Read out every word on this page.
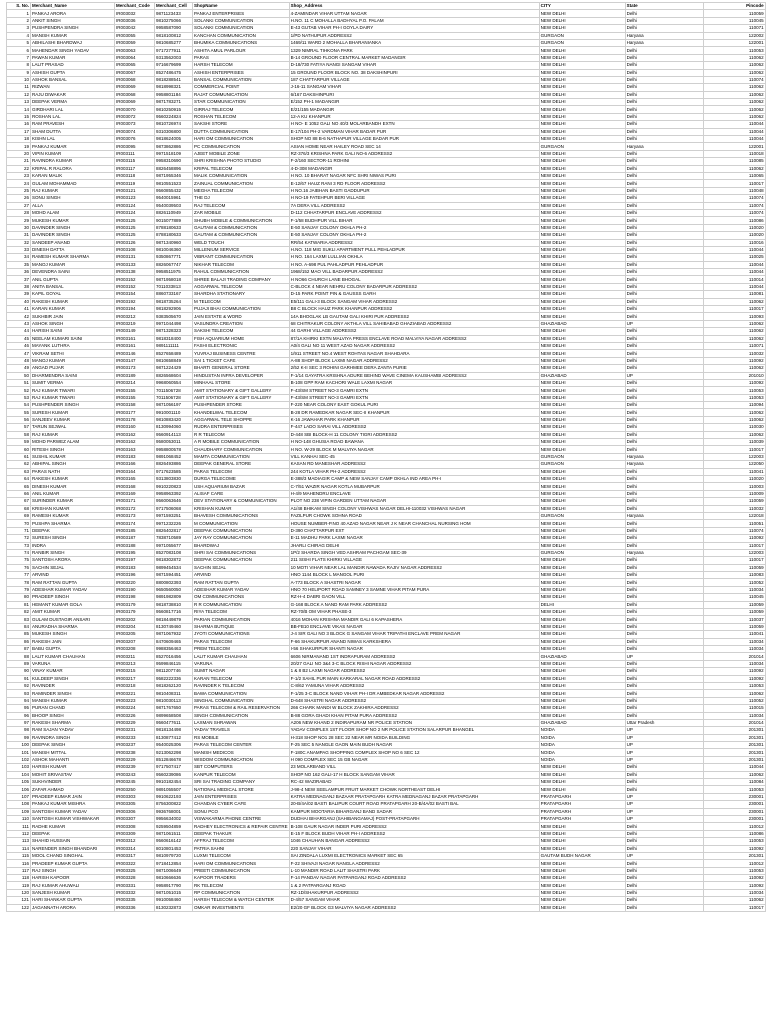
S. No.	Merchant_Name	Merchant_Code	Merchant_Cell	ShopName	Shop_Address	CITY	State	Pincode
1	PANKAJ ARORA	IR003032	9871123433	PANKAJ ENTERPRISES	4-ZAMINDAR VIHAR UTTAM NAGAR	NEW DELHI	Delhi	110059
2	ANKIT SINGH	IR003036	9810275066	SOLANKI COMMUNICATION	H.NO. 11 C MOHALLA BADHYAL P.O. PALAM	NEW DELHI	Delhi	110045
3	PUSHPENDRA SINGH	IR003042	9958587090	SOLANKI COMMUNICATION	E-43 GUTAB VIHAR PH-I GOYLA DAIRY	NEW DELHI	Delhi	110071
4	MANISH KUMAR	IR003055	9818100812	KANCHAN COMMUNICATION	1/PD NATHUPUR ADDRESS2	GURGAON	Haryana	122002
5	ABHILASHI BHARDWAJ	IR003059	9810685277	BHUMIKA COMMUNICATIONS	1469/11 WARD 2 MOHALLA BHARANIANKA	GURGAON	Haryana	122001
6	MAHENDAR SINGH YADAV	IR003063	9717277911	ASHITA AMUL PARLOUR	1329 NIMRAL TIHKONA PARK	NEW DELHI	Delhi	110053
7	PAWAN KUMAR	IR003064	9313562003	PARAS	B-14 GROUND FLOOR CENTRAL MARKET MADANGIR	NEW DELHI	Delhi	110062
8	LALIT PRASAD	IR003065	9716679699	HARSH TELECOM	D-18/730 FATIYA NANGI SANGAM VIHAR	NEW DELHI	Delhi	110062
9	ASHISH GUPTA	IR003067	8527486475	ASHISH ENTERPRISES	15 GROUND FLOOR BLOCK NO. 38 DAKSHINPURI	NEW DELHI	Delhi	110062
10	ASHOK BANSAL	IR003068	9818288541	BANSAL COMMUNICATION	187 CHATTARPUR VILLAGE	NEW DELHI	Delhi	110074
11	RIZWAN	IR003069	9818998321	COMMERCIAL POINT	J-16-11 SANGAM VIHAR	NEW DELHI	Delhi	110062
12	RAJU DIWAKAR	IR003068	9958801184	RAJAT COMMUNICATION	6/167 DAKSHINPURI	NEW DELHI	Delhi	110062
13	DEEPAK VERMA	IR003069	9871783271	STAR COMMUNICATION	E/152 PH-1 MADANGIR	NEW DELHI	Delhi	110062
14	GIRDHARI LAL	IR003070	9810250915	GIRRAJ TELECOM	E/21/155 MADANGIR	NEW DELHI	Delhi	110062
15	ROSHAN LAL	IR003072	9560224824	ROSHAN TELECOM	12-A KU KHANPUR	NEW DELHI	Delhi	110062
16	RAM PRAVESH	IR003073	9810726974	SAKSHI STORE	H NO- E 1052 GALI NO 40/3 MOLARBANDH EXTN	NEW DELHI	Delhi	110044
17	SHAM DUTTA	IR003074	9310306800	DUTTA COMMUNICATION	E-17/104 PH-2 VARDMAN VIHAR BADAR PUR	NEW DELHI	Delhi	110044
18	KISHN LAL	IR003076	9818624005	HARI OM COMMUNICATION	SHOP NO 88 B-6 NATHAPUR VILLAGE BADAR PUR	NEW DELHI	Delhi	110044
19	PANKAJ KUMAR	IR003095	9873862886	PC COMMUNICATION	ASIAN HOME NEAR HAILEY ROAD SEC 14	GURGAON	Haryana	122001
20	VIPIN KUMAR	IR003111	9971518109	AJEET MOBILE ZONE	RZ-376/3 KRISHNA PARK GALI NO-6 ADDRESS2	NEW DELHI	Delhi	110018
21	RAVINDRA KUMAR	IR003115	9958310690	SHRI KRISHNA PHOTO STUDIO	F-2/160 SECTOR-11 ROHINI	NEW DELHI	Delhi	110085
22	KRIPAL R RALORA	IR003117	8826458896	KRIPAL TELECOM	4-D-308 MADANGIR	NEW DELHI	Delhi	110062
23	KARAN MALIK	IR003118	9871955346	MALIK COMMUNICATION	H NO. 10 BHARAT NAGAR NFC SHRI NIWAS PURI	NEW DELHI	Delhi	110065
24	GULAM MOHAMMAD	IR003119	9810551523	ZAINUAL COMMUNICATION	E-12/67 HAUZ RANI 3 RD FLOOR ADDRESS2	NEW DELHI	Delhi	110017
25	RAJ KUMAR	IR003121	9560855432	MEGHA TELECOM	H NO.16 JAIBHAN BASTI GADDUPUR	NEW DELHI	Delhi	110048
26	SONU SINGH	IR003123	9540015961	THE DJ	H NO-19 FATEHPUR BERI VILLAGE	NEW DELHI	Delhi	110074
27	ALLA	IR003124	9540039503	RAJ TELECOM	7A DERA VILL ADDRESS2	NEW DELHI	Delhi	110074
28	MOHD ALAM	IR003124	8826110949	ZAR MOBILE	D-112 CHHATARPUR ENCLAVE ADDRESS2	NEW DELHI	Delhi	110074
29	MUKESH KUMAR	IR003125	9015077889	SHUBH MOBILE & COMMUNICATION	F-1/58 BUDHPUR VILL BIHAR	NEW DELHI	Delhi	110086
30	DAVINDER SINGH	IR003125	8788180633	GAUTAM & COMMUNICATION	E-50 SANJAY COLONY OKHLA PH-2	NEW DELHI	Delhi	110020
31	DAVINDER SINGH	IR003125	8788180633	GAUTAM & COMMUNICATION	E-50 SANJAY COLONY OKHLA PH-2	NEW DELHI	Delhi	110020
32	SANDEEP ANAND	IR003126	9871340960	WELD TOUCH	RR/54 KATWARIA ADDRESS2	NEW DELHI	Delhi	110016
33	DINESH DATTA	IR003108	9810046360	MILLENIUM SERVICE	H.NO. 118 MIG SUKLI APARTMENT PULL PEHLADPUR	NEW DELHI	Delhi	110044
34	RAMESH KUMAR SHARMA	IR003131	9350867771	VIBRANT COMMUNICATION	H NO. 164 LAXMI LULLIAN OKHLA	NEW DELHI	Delhi	110025
35	MANOJ KUMAR	IR003133	8826067747	NIKHAR TELECOM	H NO. A-698 PUL PAHLADPUR PEHLADPUR	NEW DELHI	Delhi	110044
36	DEVENDRA SAINI	IR003138	9958511975	RAHUL COMMUNICATION	1968/152 MAO VILL BADARPUR ADDRESS2	NEW DELHI	Delhi	110044
37	ANIL GUPTA	IR003152	9871958018	SHREE BALAJI TRADING COMPANY	H NO66 CHURCH LANE BHOGAL	NEW DELHI	Delhi	110014
38	ANITA BANSAL	IR003152	7011033813	AGGARWAL TELECOM	C-BLOCK 4 NEAR NEHRU COLONY BADARPUR ADDRESS2	NEW DELHI	Delhi	110044
39	KAPIL GOYAL	IR003154	8860733167	SHARDHA STATIONARY	D-15 PARK POINT PIN & GAUSSS GARH	NEW DELHI	Delhi	110081
40	RAKESH KUMAR	IR003192	9818735264	M TELECOM	E5/111 GALI-3 BLOCK SANGAM VIHAR ADDRESS2	NEW DELHI	Delhi	110062
41	KARAN KUMAR	IR003194	9818292906	PUJAJI BHAI COMMUNICATION	B8 C BLOCK HAUZ PARK KHANPUR ADDRESS2	NEW DELHI	Delhi	110017
42	SUKHBIR JAIN	IR003212	9383505670	JAIN ESTATE & WORD	14A BHOGLAK LB GAUTAM GALI KHIRI PUR ADDRESS2	NEW DELHI	Delhi	110093
43	ASHOK SINGH	IR003219	9971044498	VASUNDRA CREATION	68 CHITRAKUR COLONY AKTHLA VILL SAHIBABAD GHAZIABAD ADDRESS2	GHAZIABAD	UP	110062
44	HARISH SAINI	IR003149	9871328323	SAKSHI TELECOM	44 GARHI VILLAGE ADDRESS2	NEW DELHI	Delhi	110062
45	NEELAM KUMARI SAINI	IR003161	9818318400	FISH AQUARIUM HOME	87/1A KHIRKI EXTN MALVIYA PRESS ENCLAVE ROAD MALVIYA NAGAR ADDRESS2	NEW DELHI	Delhi	110062
46	MAYANK LUTHRA	IR003161	9891111111	FASHI ELECTRONIC	A0/4 GALI NO 11 WEST AZAD NAGAR ADDRESS2	NEW DELHI	Delhi	110071
47	VIKRAM SETHI	IR003146	8527658489	YUVRAJ BUSINESS CENTRE	1/911 STREET NO.4 WEST ROHTAS NAGAR SHAHDARA	NEW DELHI	Delhi	110032
48	MANOJ KUMAR	IR003147	9810658849	SAI 1 TICKET CAFE	A-88 SHOP BLOCK LAXMI NAGAR ADDRESS2	NEW DELHI	Delhi	110092
49	ANGAD PUJAR	IR003173	9871224429	BHARTI GENERAL STORE	2/52 K-II SEC 3 ROHINI GARHMEE DERA ZANTA PURIE	NEW DELHI	Delhi	110062
50	DHARMENDRA SAINI	IR003189	8826568604	HINDUSTAN INFRA DEVELOPER	F-1/14 GAYATRA KRISHNA ADURE BEHIND WAVE CINEMA KAUSHAMBI ADDRESS2	GHAZIABAD	UP	201010
51	SUMIT VERMA	IR003214	9968060554	MINHAAL STORE	B-108 GPP RAM KACHORI WALE LAXMI NAGAR	NEW DELHI	Delhi	110092
52	RAJ KUMAR TIWARI	IR003155	7011506728	AMIT STATIONARY & GIFT GALLERY	F-43/SM STREET NO-3 GAMRI EXTN	NEW DELHI	Delhi	110053
53	RAJ KUMAR TIWARI	IR003155	7011506728	AMIT STATIONARY & GIFT GALLERY	F-43/SM STREET NO-3 GAMRI EXTN	NEW DELHI	Delhi	110053
54	PUSHPENDER SINGH	IR003158	9871056197	PUSHPENDER STORE	F-220 NEAR COLONY EAST GOKUL PURI	NEW DELHI	Delhi	110094
55	SURESH KUMAR	IR003177	9910001110	KHANDELWAL TELECOM	B-28 DR RAMEDKAR NAGAR SEC-II KHANPUR	NEW DELHI	Delhi	110062
56	SANJEEV KUMAR	IR003178	9810883420	AGGARWAL TELE SHOPPE	K-16 JAWAHAR PARK KHANPUR	NEW DELHI	Delhi	110062
57	TARUN SEJWAL	IR003160	8130994060	RUDRA ENTERPRISES	F-447 LADO SARAI VILL ADDRESS2	NEW DELHI	Delhi	110030
58	RAJ KUMAR	IR003162	9560914113	R R TELECOM	D-448 SBI BLOCK-H 11 COLONY TIGRI ADDRESS2	NEW DELHI	Delhi	110062
59	MOHD PARWEZ ALAM	IR003162	9580053011	A R MOBILE COMMUNICATION	H NO-148 GHUSIA ROAD BAWANA	NEW DELHI	Delhi	110039
60	RITESH SINGH	IR003163	9958800578	CHAUDHARY COMMUNICATION	H NO. W-29 BLOCK M MALVIYA NAGAR	NEW DELHI	Delhi	110017
61	SUSHIL KUMAR	IR003183	9891068452	MAMTA COMMUNICATION	VILL KANHAI SEC-45	GURGAON	Haryana	122003
62	ABHIPAL SINGH	IR003166	8826493886	DEEPAK GENERAL STORE	KASAN RD MANESHAR ADDRESS2	GURGAON	Haryana	122050
63	PARAS NATH	IR003164	9717623585	PARAS TELECOM	244 KOTLA VIHAR PH-2 ADDRESS2	NEW DELHI	Delhi	110041
64	RAKESH KUMAR	IR003165	9313803830	DURGA TELECOME	E-388/3 MADIAGIR CAMP & NEW SANJAY CAMP OKHLA IND AREA PH-I	NEW DELHI	Delhi	110020
65	DINESH KUMAR	IR003168	9910220823	USH AQUARIUM BAZAR	C-7/51 WAZIR NAGAR KOTLA MUBARPUR	NEW DELHI	Delhi	110003
66	ANIL KUMAR	IR003169	9958963392	ALISAF CARE	H-4/9 MAHENDRU ENCLAVE	NEW DELHI	Delhi	110009
67	SURINDER KUMAR	IR003171	9560063646	DEV STATIONARY & COMMUNICATION	PLOT NO 238 VIPIN GARDEN UTTAM NAGAR	NEW DELHI	Delhi	110059
68	KRISHAN KUMAR	IR003172	9717506068	KRISHAN KUMAR	A1/48 BHIKAM SINGH COLONY VISHWAS NAGAR DELHI-110032 VISHWAS NAGAR	NEW DELHI	Delhi	110032
69	RAMESH KUMAR	IR003173	9971593251	BHAVESH COMMUNICATIONS	FAZILPUR CHOWK SOHNA ROAD	GURGAON	Haryana	122018
70	PUSHPA SHARMA	IR003174	9971232226	M COMMUNICATION	HOUSE NUMBER-P.NO 40 AZAD NAGAR NEAR J K NEAR CHANCHAL NURSING HOM	NEW DELHI	Delhi	110051
71	DEEPAK	IR003185	8826402817	DEEPAK COMMUNICATION	D-390 CHATTARPUR EXT	NEW DELHI	Delhi	110074
72	SURESH SINGH	IR003187	7838710589	JAY RAY COMMUNICATION	E-11 MADHU PARK LAXMI NAGAR	NEW DELHI	Delhi	110092
73	INDRA	IR003188	9971055677	BHARDWAJ	JHARLI CHIRAG DELHI	NEW DELHI	Delhi	110017
74	RANBIR SINGH	IR003195	8527083108	SHRI SAI COMMUNICATIONS	1P/2 SHARDA SINGH VED ASHRAM PACHGAM SEC-39	GURGAON	Haryana	122003
75	SANTOSH ARORA	IR003197	9818302872	DEEPAK COMMUNICATION	211 SISHI FLATS KHIRKI VILLAGE	NEW DELHI	Delhi	110017
76	SACHIN SEJAL	IR003183	9899454534	SACHIN SEJAL	10 MOTI VIHAR NEAR LAL MANDIR NAWADA RAJIV NAGAR ADDRESS2	NEW DELHI	Delhi	110059
77	ARVIND	IR003196	9871594451	ARVIND	HNO 1144 BLOCK L MANGOL PURI	NEW DELHI	Delhi	110083
78	RAM RATTAN GUPTA	IR003220	8800802393	RAM RATTAN GUPTA	A-773 BLOCK A SHASTRI NAGAR	NEW DELHI	Delhi	110052
79	ADESHAR KUMAR YADAV	IR003190	9650560050	ADESHAR KUMAR YADAV	HNO 70 HELIPORT ROAD SAMNEY 3 SAMNE VIHAR PITAM PURA	NEW DELHI	Delhi	110034
80	PRADEEP SINGH	IR003198	9891982809	OM COMMUNICATIONS	RZ-H-4 DABRI GAON VILL	NEW DELHI	Delhi	110045
81	HEMANT KUMAR GOLA	IR003179	9818738810	R R COMMUNICATION	G-168 BLOCK A NAND RAM PARK ADDRESS2	DELHI	Delhi	110059
82	AMIT KUMAR	IR003179	9560817716	RIYA TELECOM	RZ-70/B OM VIHAR PHASE-3	NEW DELHI	Delhi	110059
83	GULAM DUSTAGIR ANSARI	IR003202	9818449879	PARIAN COMMUNICATION	4016 MOHAN KRISHNA MANDIR GALI 6 KAPASHERA	NEW DELHI	Delhi	110037
84	ANURADHA SHARMA	IR003204	8130749460	SHARMA BUTIQUE	BB-FB10 ENCLAVE VIKAS NAGAR	NEW DELHI	Delhi	110059
85	MUKESH SINGH	IR003205	9871067932	JYOTI COMMUNICATIONS	J-4 SIR GALI NO 3 BLOCK G SANGAM VIHAR TRIPATHI ENCLAVE PREM NAGAR	NEW DELHI	Delhi	110041
86	RAKESH JAIN	IR003207	8470609465	PARAS TELECOM	F-66 SHAKURPUR ANAND NIWAS KARKSHERA	NEW DELHI	Delhi	110034
87	BABU GUPTA	IR003208	9988356463	PREM TELECOM	I-56 SHAKURPUR SHANTI NAGAR	NEW DELHI	Delhi	110034
88	LALIT KUMAR CHAUHAN	IR003211	8527016456	LALIT KUMAR CHAUHAN	6606 NIRMANAND 1ST INDRAPURAM ADDRESS2	GHAZIABAD	UP	201014
89	VARUNA	IR003213	9599846115	VARUNA	20/27 GALI NO 3&4 3-C BLOCK RISHI NAGAR ADDRESS2	NEW DELHI	Delhi	110034
90	VINAY KUMAR	IR003215	9811207746	SUMIT NAGAR	1 & 8 B2 LAXMI NAGAR ADDRESS2	NEW DELHI	Delhi	110092
91	KULDEEP SINGH	IR003217	9582222336	KARAN TELECOM	F-1/2 SAHIL PUR MAIN KARKARAL NAGAR ROAD ADDRESS2	NEW DELHI	Delhi	110092
92	RAVINDER	IR003218	9818262120	RAVINDER K TELECOM	C-8/62 YAMUNA VIHAR ADDRESS2	NEW DELHI	Delhi	110053
93	RAMINDER SINGH	IR003221	9810408311	BAWA COMMUNICATION	F-1/25 3-C BLOCK NAND VIHAR PH-I DR AMBEDKAR NAGAR ADDRESS2	NEW DELHI	Delhi	110062
94	MANISH KUMAR	IR003223	9810030113	SINGHAL COMMUNICATION	D-648 SHASTRI NAGAR ADDRESS2	NEW DELHI	Delhi	110052
95	PURAN CHAND	IR003224	9871767650	PARAS TELECOM & RAIL RESERVATION	266 CHARK MANDI W BLOCK ZAKHIRA ADDRESS2	NEW DELHI	Delhi	110015
96	BHOOP SINGH	IR003226	9899658508	SINGH COMMUNICATION	B-88 GORA GHADI KHAN PITAM PURA ADDRESS2	NEW DELHI	Delhi	110034
97	RAKESH SHARMA	IR003229	9560477611	LAXMAN SHRAWAN	A206 NEW KHAND 2 INDIRAPURAM NR POLICE STATION	GHAZIABAD	Uttar Pradesh	201014
98	RAM SAJAN YADAV	IR003231	9818134498	YADAV TRAVELS	YADAV COMPLEX 1ST FLOOR SHOP NO 2 NR POLICE STATION SALARPUR BHANGEL	NOIDA	UP	201301
99	RAVINDRA SINGH	IR003233	8130877412	RS MOBILE	H-318 SHOP NO1 28 SEC 22 NEAR MR NOIDA BUILDING	NOIDA	UP	201301
100	DEEPAK SINGH	IR003237	9540025306	PARAS TELECOM CENTER	F-25 SEC 5 NANGLE GAON MAIN BUDH NAGAR	NOIDA	UP	201301
101	MANISH MITTAL	IR003238	9213062298	MANISH MEDICOS	F-180C ANAMPAG SHOPPING COMPLEX SHOP NO 6 SEC 12	NOIDA	UP	201301
102	ASHOK MAHANTI	IR003229	8512846678	WISDOM COMMUNICATION	H 090 COMPLEX SEC 15 GB NAGAR	NOIDA	UP	201301
103	HARISH KUMAR	IR003239	9717507417	SBT COMPUTERS	23 MOLARBAND VILL	NEW DELHI	Delhi	110044
104	MOHIT SRIVASTAV	IR003243	9560239086	KANPUR TELECOM	SHOP NO 162 GALI-17 H BLOCK SANGAM VIHAR	NEW DELHI	Delhi	110062
105	SUKHVINDER	IR003245	9910182454	SRI SAI TRADING COMPANY	RC-42 WAZIRABAD	NEW DELHI	Delhi	110084
106	ZAFAR AHMAD	IR003250	9891055507	NATIONAL MEDICAL STORE	J-98-4 NEW SEELAMPUR FRUIT MARKET CHOWK NORTHEAST DELHI	NEW DELHI	Delhi	110053
107	PRADEEP KUMAR JAIN	IR003303	9910622193	JAIN ENTERPRISES	KATRA MEDNAGANJ BAZAAR PRATAPGARH KATRA MEDNAGANJ BAZAR PRATAPGARH	PRATAPGARH	UP	230001
108	PANKAJ KUMAR MISHRA	IR003305	8756300822	CHANDAN CYBER CAFE	20-B/4A/02 BASTI BALIPUR COURT ROAD PRATAPGARH 20-B/4A/02 BASTI BAL	PRATAPGARH	UP	230001
109	SANTOSH KUMAR YADAV	IR003306	9936768001	SONU PCO	KAMPUR MOOTARIA BIHARGANJ BAND SADAR	PRATAPGARH	UP	230001
110	SANTOSH KUMAR VISHWAKAR	IR003307	9956634002	VISWAKARMA PHONE CENTRE	DUDHAI BIHARGANJ (SAHIBANGAMAJ) POST-PRATAPGARH	PRATAPGARH	UP	230001
111	RADHE KUMAR	IR003308	9259504859	RADHEY ELECTRONICS & REPAIR CENTRE	B-108 GAUR NAGAR INDER PURI ADDRESS2	NEW DELHI	Delhi	110012
112	DEEPAK	IR003309	9871061511	DEEPAK THAKUR	E-15 F BLOCK BUDH VIHAR PH-I ADDRESS2	NEW DELHI	Delhi	110086
113	SHAHID HUSSAIN	IR003312	9560616142	AFFRAJ TELECOM	1046 CHAUHAN BANGAR ADDRESS2	NEW DELHI	Delhi	110053
114	NARENDER SINGH BHANDARI	IR003314	8010801453	PATRIA SAHNI	220 SANJAY VIHAR	NEW DELHI	Delhi	110092
115	MOOL CHAND SINGHAL	IR003317	9810979720	LUXMI TELECOM	SAI ZINDALA LUXMI ELECTRONICS MARKET SEC 65	GAUTAM BUDH NAGAR	UP	201301
116	PRADEEP KUMAR GUPTA	IR003322	9718412854	HARI OM COMMUNICATIONS	F-22 SHIVAJI NAGAR NANGLA ADDRESS2	NEW DELHI	Delhi	110012
117	RAJ SINGH	IR003325	9871006649	PREETI COMMUNICATION	L-10 MANDIR ROAD LALIT SHASTRI PARK	NEW DELHI	Delhi	110053
118	HARISH KAPOOR	IR003328	9810666636	KAPOOR TRADERS	F-14 PANDAV NAGAR PATPARGANJ ROAD ADDRESS2	NEW DELHI	Delhi	110092
119	RAJ KUMAR AHUWALI	IR003331	9958917790	RK TELECOM	1 & 2 PATPARGANJ ROAD	NEW DELHI	Delhi	110092
120	SANJESH KUMAR	IR003332	9871051015	RP COMMUNICATION	RZ-1D/SHAKURPUR ADDRESS2	NEW DELHI	Delhi	110034
121	HARI SHANKAR GUPTA	IR003335	9910058460	HARSH TELECOM & WATCH CENTER	D-4/57 SANGAM VIHAR	NEW DELHI	Delhi	110062
122	JAGANNATH ARORA	IR003336	8130232873	OMKAR INVESTMENTS	E2/20 GF BLOCK G3 MALVIYA NAGAR ADDRESS2	NEW DELHI	Delhi	110017
